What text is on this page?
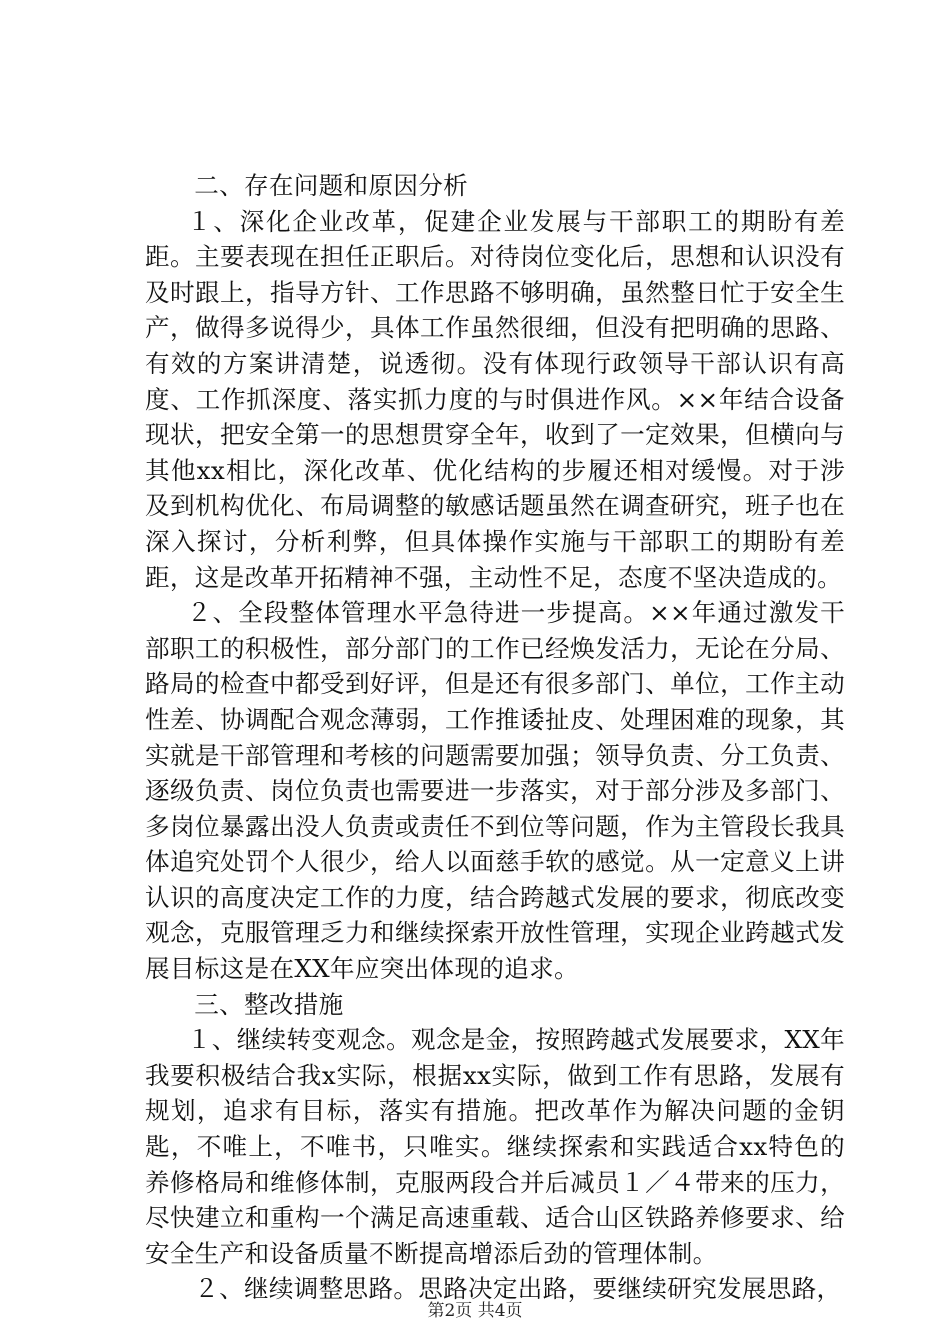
二、存在问题和原因分析

１、深化企业改革，促建企业发展与干部职工的期盼有差距。主要表现在担任正职后。对待岗位变化后，思想和认识没有及时跟上，指导方针、工作思路不够明确，虽然整日忙于安全生产，做得多说得少，具体工作虽然很细，但没有把明确的思路、有效的方案讲清楚，说透彻。没有体现行政领导干部认识有高度、工作抓深度、落实抓力度的与时俱进作风。××年结合设备现状，把安全第一的思想贯穿全年，收到了一定效果，但横向与其他xx相比，深化改革、优化结构的步履还相对缓慢。对于涉及到机构优化、布局调整的敏感话题虽然在调查研究，班子也在深入探讨，分析利弊，但具体操作实施与干部职工的期盼有差距，这是改革开拓精神不强，主动性不足，态度不坚决造成的。

２、全段整体管理水平急待进一步提高。××年通过激发干部职工的积极性，部分部门的工作已经焕发活力，无论在分局、路局的检查中都受到好评，但是还有很多部门、单位，工作主动性差、协调配合观念薄弱，工作推诿扯皮、处理困难的现象，其实就是干部管理和考核的问题需要加强；领导负责、分工负责、逐级负责、岗位负责也需要进一步落实，对于部分涉及多部门、多岗位暴露出没人负责或责任不到位等问题，作为主管段长我具体追究处罚个人很少，给人以面慈手软的感觉。从一定意义上讲认识的高度决定工作的力度，结合跨越式发展的要求，彻底改变观念，克服管理乏力和继续探索开放性管理，实现企业跨越式发展目标这是在XX年应突出体现的追求。

三、整改措施

１、继续转变观念。观念是金，按照跨越式发展要求，XX年我要积极结合我x实际，根据xx实际，做到工作有思路，发展有规划，追求有目标，落实有措施。把改革作为解决问题的金钥匙，不唯上，不唯书，只唯实。继续探索和实践适合xx特色的养修格局和维修体制，克服两段合并后减员１／４带来的压力，尽快建立和重构一个满足高速重载、适合山区铁路养修要求、给安全生产和设备质量不断提高增添后劲的管理体制。

２、继续调整思路。思路决定出路，要继续研究发展思路，

第2页 共4页
